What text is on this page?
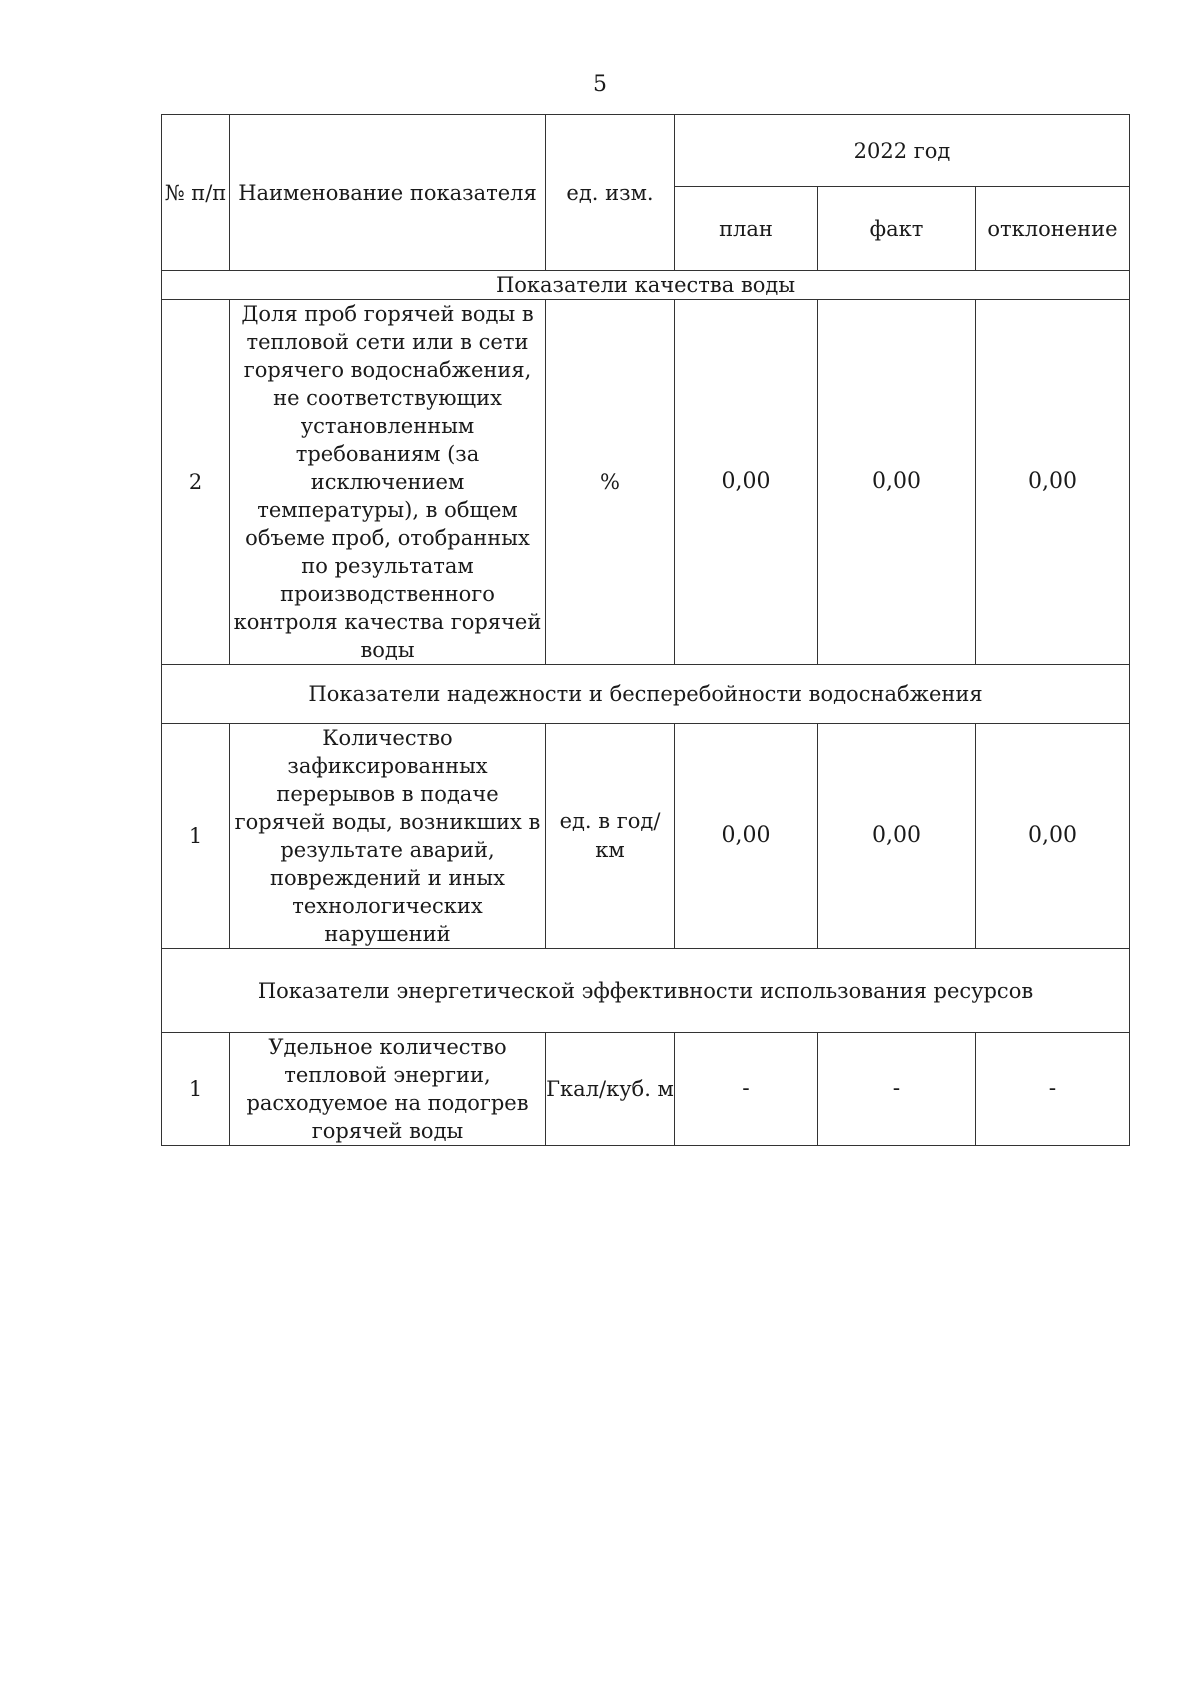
5
№ п/п	Наименование показателя	ед. изм.	2022 год		
			план	факт	отклонение
Показатели качества воды					
2	Доля проб горячей воды в тепловой сети или в сети горячего водоснабжения, не соответствующих установленным требованиям (за исключением температуры), в общем объеме проб, отобранных по результатам производственного контроля качества горячей воды	%	0,00	0,00	0,00
Показатели надежности и бесперебойности водоснабжения					
1	Количество зафиксированных перерывов в подаче горячей воды, возникших в результате аварий, повреждений и иных технологических нарушений	ед. в год/ км	0,00	0,00	0,00
Показатели энергетической эффективности использования ресурсов					
1	Удельное количество тепловой энергии, расходуемое на подогрев горячей воды	Гкал/куб. м	-	-	-
